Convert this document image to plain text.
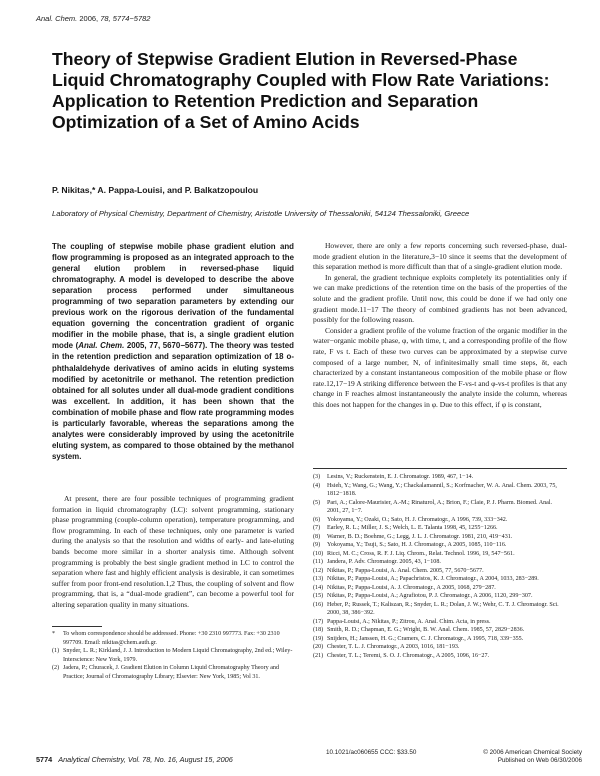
Anal. Chem. 2006, 78, 5774−5782
Theory of Stepwise Gradient Elution in Reversed-Phase Liquid Chromatography Coupled with Flow Rate Variations: Application to Retention Prediction and Separation Optimization of a Set of Amino Acids
P. Nikitas,* A. Pappa-Louisi, and P. Balkatzopoulou
Laboratory of Physical Chemistry, Department of Chemistry, Aristotle University of Thessaloniki, 54124 Thessaloniki, Greece
The coupling of stepwise mobile phase gradient elution and flow programming is proposed as an integrated approach to the general elution problem in reversed-phase liquid chromatography. A model is developed to describe the above separation process performed under simultaneous programming of two separation parameters by extending our previous work on the rigorous derivation of the fundamental equation governing the concentration gradient of organic modifier in the mobile phase, that is, a single gradient elution mode (Anal. Chem. 2005, 77, 5670−5677). The theory was tested in the retention prediction and separation optimization of 18 o-phthalaldehyde derivatives of amino acids in eluting systems modified by acetonitrile or methanol. The retention prediction obtained for all solutes under all dual-mode gradient conditions was excellent. In addition, it has been shown that the combination of mobile phase and flow rate programming modes is particularly favorable, whereas the separations among the analytes were considerably improved by using the acetonitrile eluting system, as compared to those obtained by the methanol system.

At present, there are four possible techniques of programming gradient formation in liquid chromatography (LC): solvent programming, stationary phase programming (couple-column operation), temperature programming, and flow programming. In each of these techniques, only one parameter is varied during the analysis so that the resolution and widths of early- and late-eluting bands become more similar in a shorter analysis time. Although solvent programming is probably the best single gradient method in LC to control the separation where fast and highly efficient analysis is desirable, it can sometimes suffer from poor front-end resolution.1,2 Thus, the coupling of solvent and flow programming, that is, a “dual-mode gradient”, can become a powerful tool for altering separation quality in many situations.

*	To whom correspondence should be addressed. Phone: +30 2310 997773. Fax: +30 2310 997709. Email: nikitas@chem.auth.gr.
(1) Snyder, L. R.; Kirkland, J. J. Introduction to Modern Liquid Chromatography, 2nd ed.; Wiley-Interscience: New York, 1979.
(2) Jadera, P.; Churacek, J. Gradient Elution in Column Liquid Chromatography Theory and Practice; Journal of Chromatography Library; Elsevier: New York, 1985; Vol 31.

However, there are only a few reports concerning such reversed-phase, dual-mode gradient elution in the literature,3−10 since it seems that the development of this separation method is more difficult than that of a single-gradient elution mode.

In general, the gradient technique exploits completely its potentialities only if we can make predictions of the retention time on the basis of the properties of the solute and the gradient profile. Until now, this could be done if we had only one gradient mode.11−17 The theory of combined gradients has not been advanced, possibly for the following reason.

Consider a gradient profile of the volume fraction of the organic modifier in the water−organic mobile phase, φ, with time, t, and a corresponding profile of the flow rate, F vs t. Each of these two curves can be approximated by a stepwise curve composed of a large number, N, of infinitesimally small time steps, δt, each characterized by a constant instantaneous composition of the mobile phase or flow rate.12,17−19 A striking difference between the F-vs-t and φ-vs-t profiles is that any change in F reaches almost instantaneously the analyte inside the column, whereas this does not happen for the changes in φ. Due to this effect, if φ is constant,

(3)	Lesins, V.; Ruckenstein, E. J. Chromatogr. 1989, 467, 1−14.
(4)	Hsieh, Y.; Wang, G.; Wang, Y.; Chackalamannil, S.; Korfmacher, W. A. Anal. Chem. 2003, 75, 1812−1818.
(5)	Pari, A.; Calore-Maurisier, A.-M.; Rinaturol, A.; Brion, F.; Claie, P. J. Pharm. Biomed. Anal. 2001, 27, 1−7.
(6)	Yokoyama, Y.; Ozaki, O.; Sato, H. J. Chromatogr., A 1996, 739, 333−342.
(7)	Earley, R. L.; Miller, J. S.; Welch, L. E. Talanta 1998, 45, 1255−1266.
(8)	Warner, B. D.; Boehme, G.; Legg, J. L. J. Chromatogr. 1981, 210, 419−431.
(9)	Yokoyama, Y.; Tsuji, S.; Sato, H. J. Chromatogr., A 2005, 1085, 110−116.
(10) Ricci, M. C.; Cross, R. F. J. Liq. Chrom., Relat. Technol. 1996, 19, 547−561.
(11) Jandera, P. Adv. Chromatogr. 2005, 43, 1−108.
(12) Nikitas, P.; Pappa-Louisi, A. Anal. Chem. 2005, 77, 5670−5677.
(13) Nikitas, P.; Pappa-Louisi, A.; Papachristos, K. J. Chromatogr., A 2004, 1033, 283−289.
(14) Nikitas, P.; Pappa-Louisi, A. J. Chromatogr., A 2005, 1068, 279−287.
(15) Nikitas, P.; Pappa-Louisi, A.; Agrafiotou, P. J. Chromatogr., A 2006, 1120, 299−307.
(16) Heber, P.; Russek, T.; Kaliszan, R.; Snyder, L. R.; Dolan, J. W.; Wehr, C. T. J. Chromatogr. Sci. 2000, 38, 386−392.
(17) Pappa-Louisi, A.; Nikitas, P.; Zitrou, A. Anal. Chim. Acta, in press.
(18) Smith, R. D.; Chapman, E. G.; Wright, B. W. Anal. Chem. 1985, 57, 2829−2836.
(19) Snijders, H.; Janssen, H. G.; Cramers, C. J. Chromatogr., A 1995, 718, 339−355.
(20) Chester, T. L. J. Chromatogr., A 2003, 1016, 181−193.
(21) Chester, T. L.; Teremi, S. O. J. Chromatogr., A 2005, 1096, 16−27.
5774 Analytical Chemistry, Vol. 78, No. 16, August 15, 2006
10.1021/ac060655 CCC: $33.50	© 2006 American Chemical Society
Published on Web 06/30/2006
